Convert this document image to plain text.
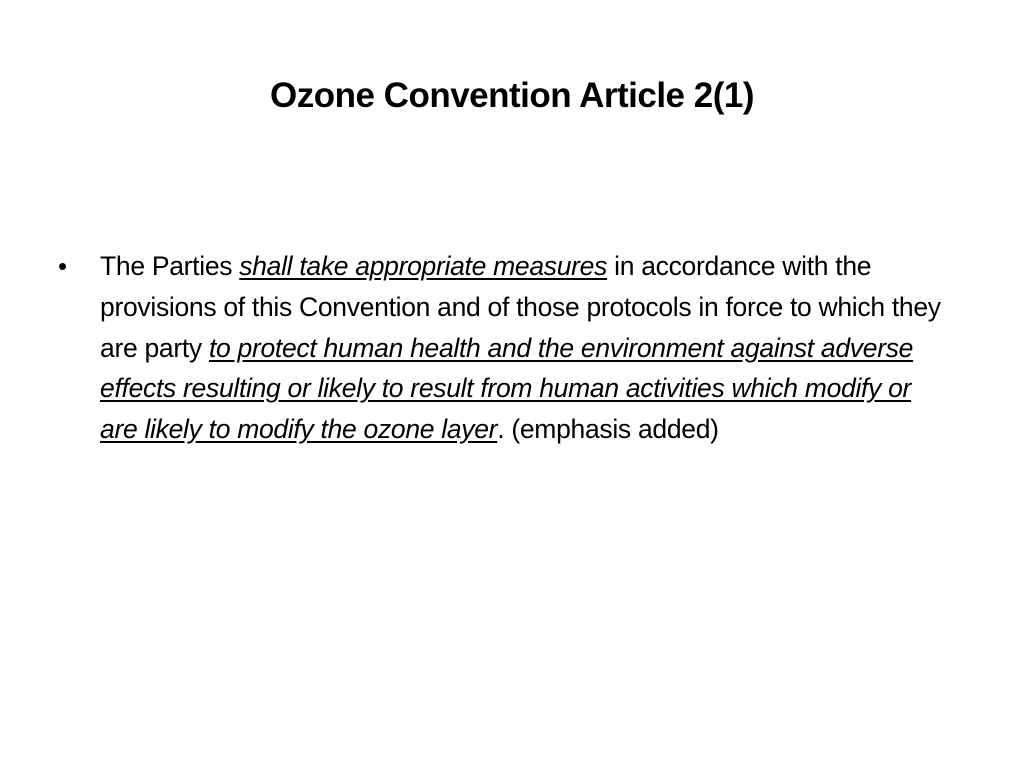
Ozone Convention Article 2(1)
• The Parties shall take appropriate measures in accordance with the provisions of this Convention and of those protocols in force to which they are party to protect human health and the environment against adverse effects resulting or likely to result from human activities which modify or are likely to modify the ozone layer. (emphasis added)
